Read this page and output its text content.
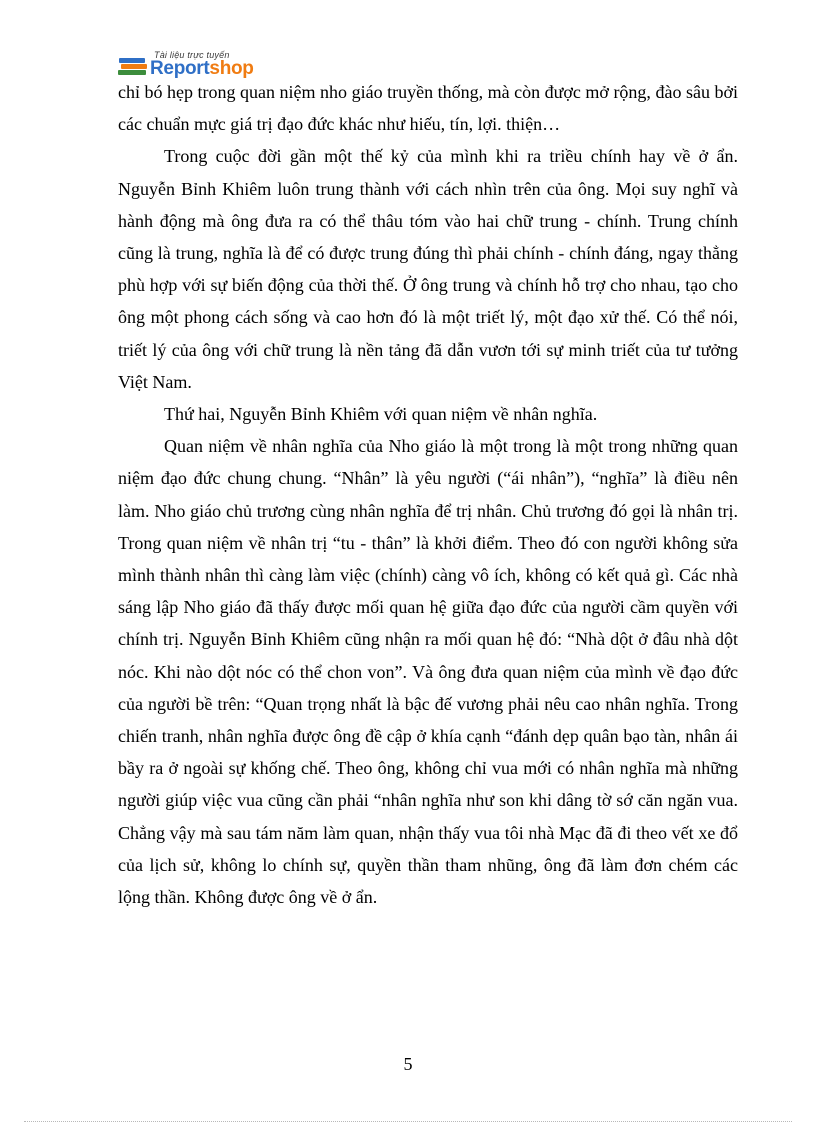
Tài liệu trực tuyến
Reportshop

chỉ bó hẹp trong quan niệm nho giáo truyền thống, mà còn được mở rộng, đào sâu bởi các chuẩn mực giá trị đạo đức khác như hiếu, tín, lợi. thiện…

Trong cuộc đời gần một thế kỷ của mình khi ra triều chính hay về ở ẩn. Nguyễn Bỉnh Khiêm luôn trung thành với cách nhìn trên của ông. Mọi suy nghĩ và hành động mà ông đưa ra có thể thâu tóm vào hai chữ trung - chính. Trung chính cũng là trung, nghĩa là để có được trung đúng thì phải chính - chính đáng, ngay thẳng phù hợp với sự biến động của thời thế. Ở ông trung và chính hỗ trợ cho nhau, tạo cho ông một phong cách sống và cao hơn đó là một triết lý, một đạo xử thế. Có thể nói, triết lý của ông với chữ trung là nền tảng đã dẫn vươn tới sự minh triết của tư tưởng Việt Nam.

Thứ hai, Nguyễn Bỉnh Khiêm với quan niệm về nhân nghĩa.

Quan niệm về nhân nghĩa của Nho giáo là một trong là một trong những quan niệm đạo đức chung chung. “Nhân” là yêu người (“ái nhân”), “nghĩa” là điều nên làm. Nho giáo chủ trương cùng nhân nghĩa để trị nhân. Chủ trương đó gọi là nhân trị. Trong quan niệm về nhân trị “tu - thân” là khởi điểm. Theo đó con người không sửa mình thành nhân thì càng làm việc (chính) càng vô ích, không có kết quả gì. Các nhà sáng lập Nho giáo đã thấy được mối quan hệ giữa đạo đức của người cầm quyền với chính trị. Nguyễn Bỉnh Khiêm cũng nhận ra mối quan hệ đó: “Nhà dột ở đâu nhà dột nóc. Khi nào dột nóc có thể chon von”. Và ông đưa quan niệm của mình về đạo đức của người bề trên: “Quan trọng nhất là bậc đế vương phải nêu cao nhân nghĩa. Trong chiến tranh, nhân nghĩa được ông đề cập ở khía cạnh “đánh dẹp quân bạo tàn, nhân ái bầy ra ở ngoài sự khống chế. Theo ông, không chỉ vua mới có nhân nghĩa mà những người giúp việc vua cũng cần phải “nhân nghĩa như son khi dâng tờ sớ căn ngăn vua. Chẳng vậy mà sau tám năm làm quan, nhận thấy vua tôi nhà Mạc đã đi theo vết xe đổ của lịch sử, không lo chính sự, quyền thần tham nhũng, ông đã làm đơn chém các lộng thần. Không được ông về ở ẩn.

5
